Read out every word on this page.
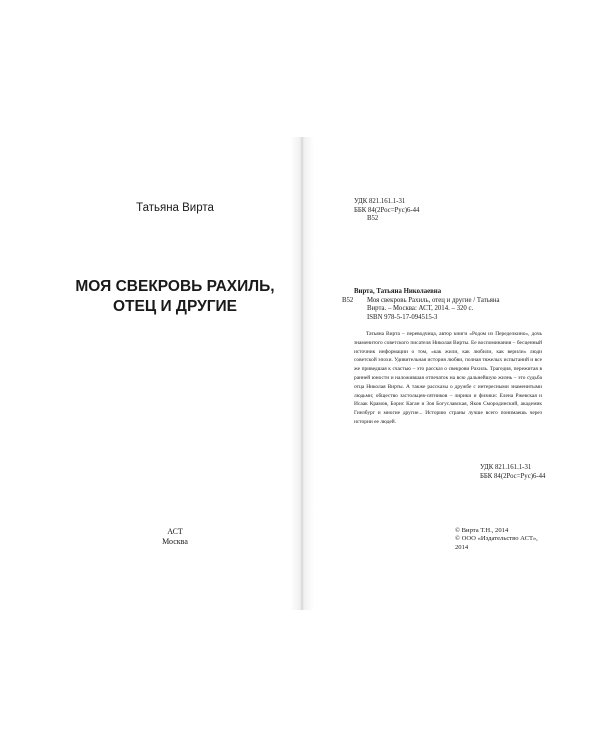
Татьяна Вирта
МОЯ СВЕКРОВЬ РАХИЛЬ,
ОТЕЦ И ДРУГИЕ
АСТ
Москва
УДК 821.161.1-31
ББК 84(2Рос=Рус)6-44
В52
Вирта, Татьяна Николаевна
В52	Моя свекровь Рахиль, отец и другие / Татьяна
Вирта. – Москва: АСТ, 2014. – 320 с.
ISBN 978-5-17-094515-3
Татьяна Вирта – переводчица, автор книги «Родом из Переделкино», дочь знаменитого советского писателя Николая Вирты. Ее воспоминания – бесценный источник информации о том, «как жили, как любили, как верили» люди советской эпохи. Удивительная история любви, полная тяжелых испытаний и все же приведшая к счастью – это рассказ о свекрови Рахиль. Трагедия, пережитая в ранней юности и наложившая отпечаток на всю дальнейшую жизнь – это судьба отца Николая Вирты. А также рассказы о дружбе с интересными знаменитыми людьми; общество застольцев-сятников – лирики и физики: Елена Ржевская и Исаак Крамов, Борис Каган и Зоя Богуславская, Яков Смородинский, академик Гинзбург и многие другие... Историю страны лучше всего понимаешь через истории ее людей.
УДК 821.161.1-31
ББК 84(2Рос=Рус)6-44
© Вирта Т.Н., 2014
© ООО «Издательство АСТ», 2014
